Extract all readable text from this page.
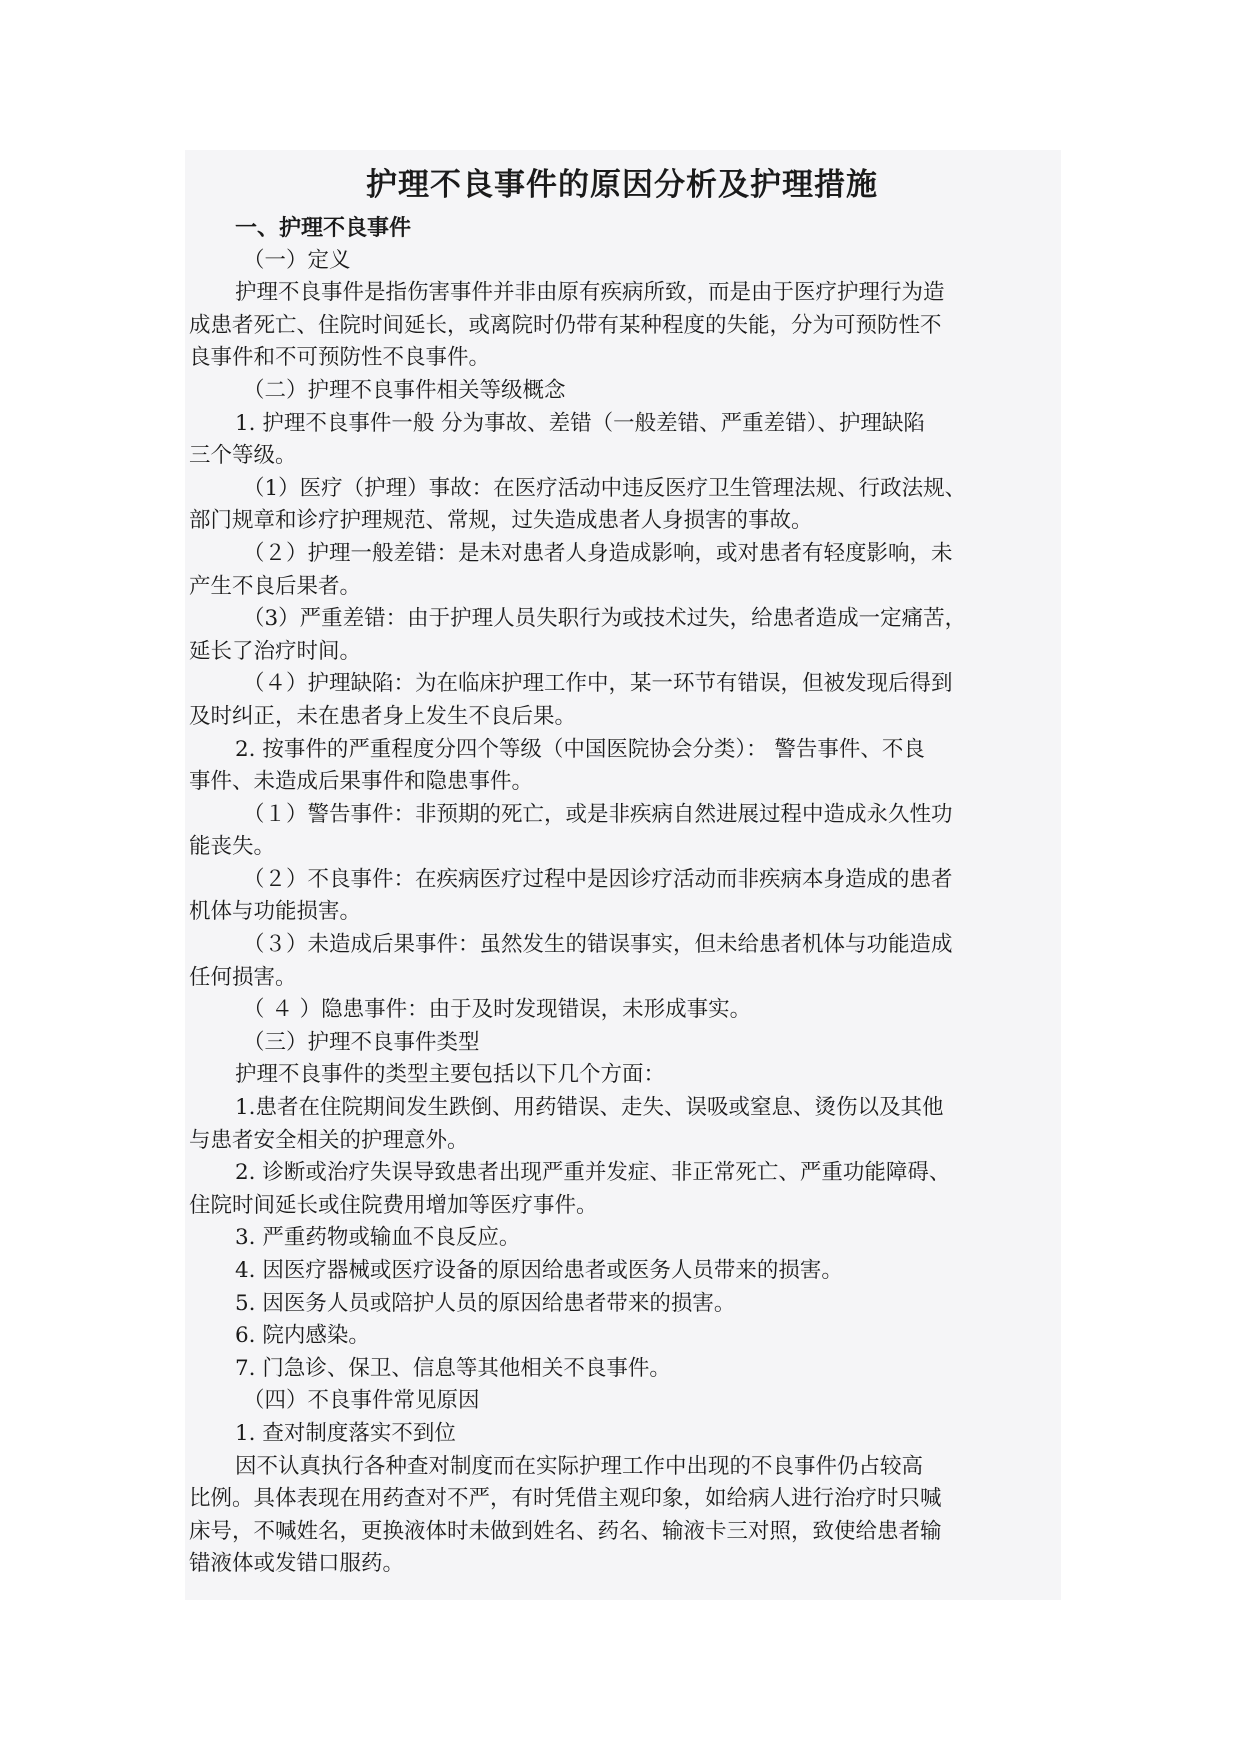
护理不良事件的原因分析及护理措施
一、护理不良事件
（一）定义
护理不良事件是指伤害事件并非由原有疾病所致，而是由于医疗护理行为造
成患者死亡、住院时间延长，或离院时仍带有某种程度的失能，分为可预防性不
良事件和不可预防性不良事件。
（二）护理不良事件相关等级概念
1. 护理不良事件一般 分为事故、差错（一般差错、严重差错）、护理缺陷
三个等级。
（1）医疗（护理）事故：在医疗活动中违反医疗卫生管理法规、行政法规、
部门规章和诊疗护理规范、常规，过失造成患者人身损害的事故。
（２）护理一般差错：是未对患者人身造成影响，或对患者有轻度影响，未
产生不良后果者。
（3）严重差错：由于护理人员失职行为或技术过失，给患者造成一定痛苦，
延长了治疗时间。
（４）护理缺陷：为在临床护理工作中，某一环节有错误，但被发现后得到
及时纠正，未在患者身上发生不良后果。
2. 按事件的严重程度分四个等级（中国医院协会分类）： 警告事件、不良
事件、未造成后果事件和隐患事件。
（１）警告事件：非预期的死亡，或是非疾病自然进展过程中造成永久性功
能丧失。
（２）不良事件：在疾病医疗过程中是因诊疗活动而非疾病本身造成的患者
机体与功能损害。
（３）未造成后果事件：虽然发生的错误事实，但未给患者机体与功能造成
任何损害。
（ ４ ）隐患事件：由于及时发现错误，未形成事实。
（三）护理不良事件类型
护理不良事件的类型主要包括以下几个方面：
1.患者在住院期间发生跌倒、用药错误、走失、误吸或窒息、烫伤以及其他
与患者安全相关的护理意外。
2. 诊断或治疗失误导致患者出现严重并发症、非正常死亡、严重功能障碍、
住院时间延长或住院费用增加等医疗事件。
3. 严重药物或输血不良反应。
4. 因医疗器械或医疗设备的原因给患者或医务人员带来的损害。
5. 因医务人员或陪护人员的原因给患者带来的损害。
6. 院内感染。
7. 门急诊、保卫、信息等其他相关不良事件。
（四）不良事件常见原因
1. 查对制度落实不到位
因不认真执行各种查对制度而在实际护理工作中出现的不良事件仍占较高
比例。具体表现在用药查对不严，有时凭借主观印象，如给病人进行治疗时只喊
床号，不喊姓名，更换液体时未做到姓名、药名、输液卡三对照，致使给患者输
错液体或发错口服药。
